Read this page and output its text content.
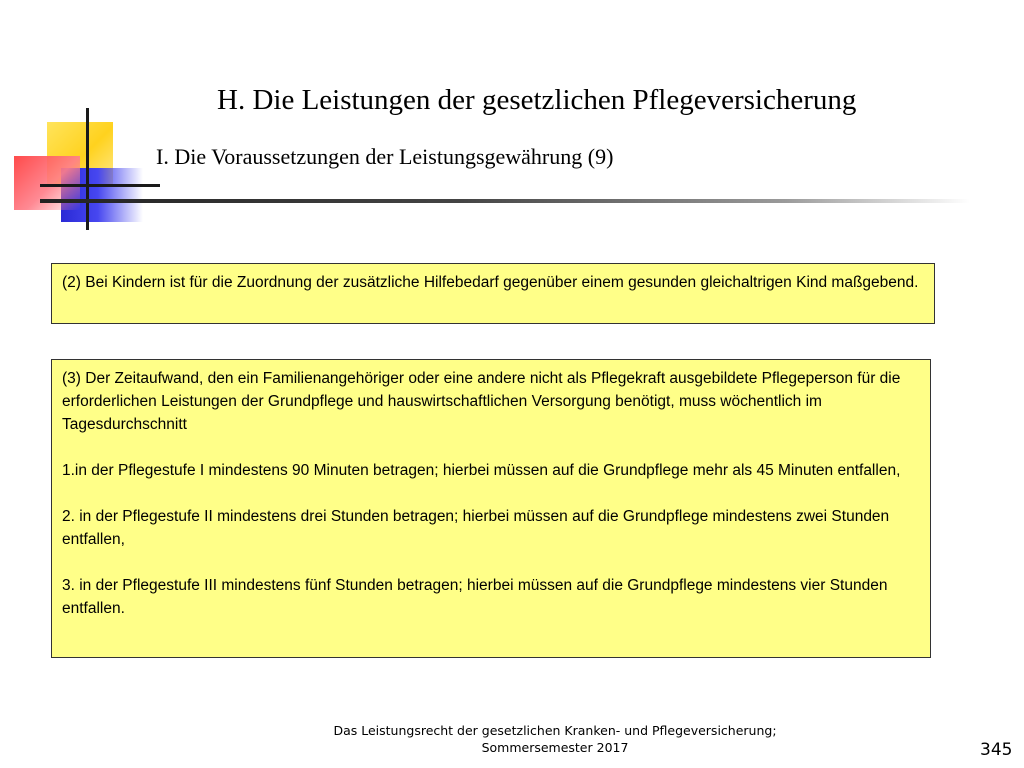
H. Die Leistungen der gesetzlichen Pflegeversicherung
I. Die Voraussetzungen der Leistungsgewährung (9)

(2) Bei Kindern ist für die Zuordnung der zusätzliche Hilfebedarf gegenüber einem gesunden gleichaltrigen Kind maßgebend.

(3) Der Zeitaufwand, den ein Familienangehöriger oder eine andere nicht als Pflegekraft ausgebildete Pflegeperson für die erforderlichen Leistungen der Grundpflege und hauswirtschaftlichen Versorgung benötigt, muss wöchentlich im Tagesdurchschnitt

1.in der Pflegestufe I mindestens 90 Minuten betragen; hierbei müssen auf die Grundpflege mehr als 45 Minuten entfallen,

2. in der Pflegestufe II mindestens drei Stunden betragen; hierbei müssen auf die Grundpflege mindestens zwei Stunden entfallen,

3. in der Pflegestufe III mindestens fünf Stunden betragen; hierbei müssen auf die Grundpflege mindestens vier Stunden entfallen.

Das Leistungsrecht der gesetzlichen Kranken- und Pflegeversicherung;
Sommersemester 2017	345
